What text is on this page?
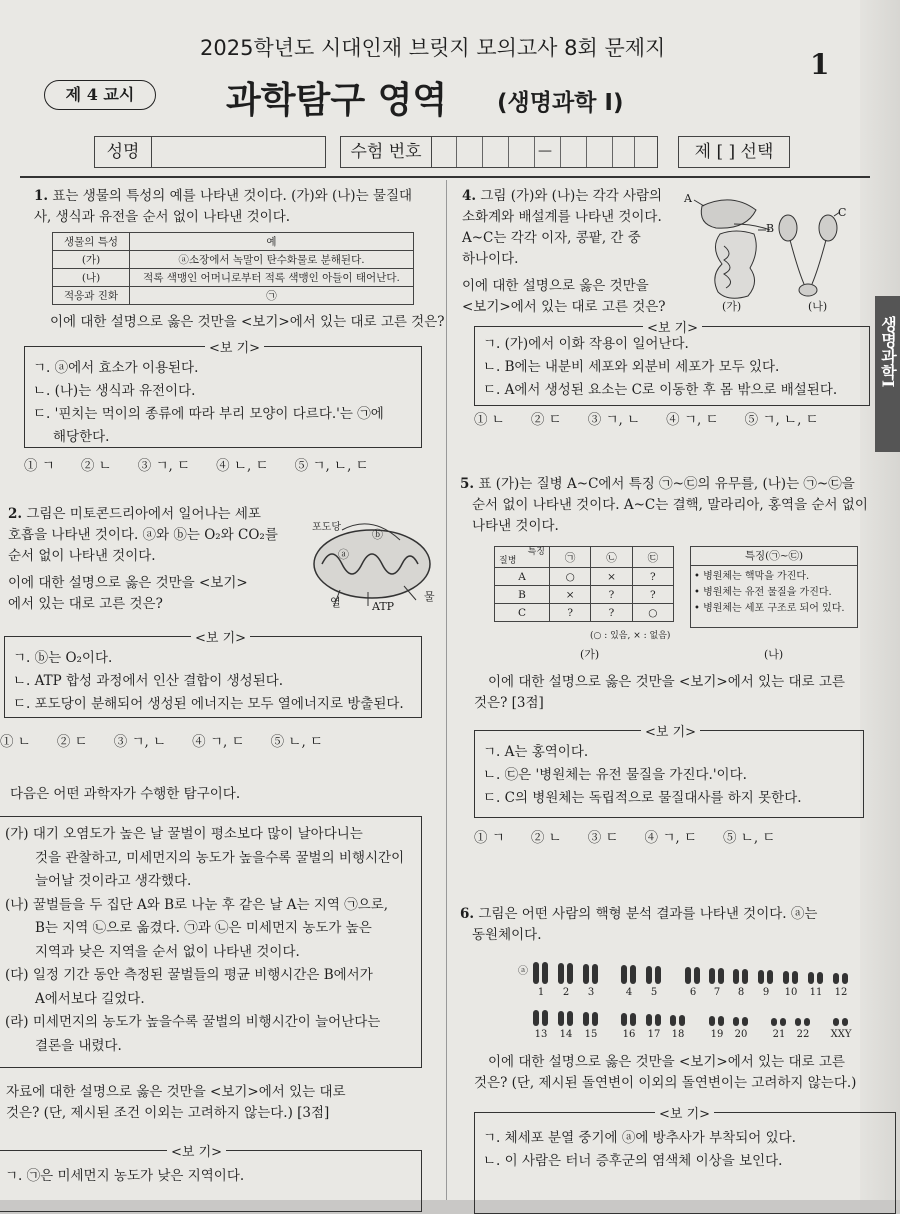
2025학년도 시대인재 브릿지 모의고사 8회 문제지	1
제 4 교시	과학탐구 영역 (생명과학 I)
성명	수험 번호	—	제 [ ] 선택
생명과학I
1. 표는 생물의 특성의 예를 나타낸 것이다. (가)와 (나)는 물질대사, 생식과 유전을 순서 없이 나타낸 것이다.
생물의 특성	예
(가)	ⓐ소장에서 녹말이 탄수화물로 분해된다.
(나)	적록 색맹인 어머니로부터 적록 색맹인 아들이 태어난다.
적응과 진화	㉠
이에 대한 설명으로 옳은 것만을 <보기>에서 있는 대로 고른 것은?
<보 기>
ㄱ. ⓐ에서 효소가 이용된다.
ㄴ. (나)는 생식과 유전이다.
ㄷ. '핀치는 먹이의 종류에 따라 부리 모양이 다르다.'는 ㉠에
해당한다.
① ㄱ ② ㄴ ③ ㄱ, ㄷ ④ ㄴ, ㄷ ⑤ ㄱ, ㄴ, ㄷ
2. 그림은 미토콘드리아에서 일어나는 세포
호흡을 나타낸 것이다. ⓐ와 ⓑ는 O₂와 CO₂를
순서 없이 나타낸 것이다.
이에 대한 설명으로 옳은 것만을 <보기>
에서 있는 대로 고른 것은?
포도당
ⓐ
ⓑ
열	ATP
물
<보 기>
ㄱ. ⓑ는 O₂이다.
ㄴ. ATP 합성 과정에서 인산 결합이 생성된다.
ㄷ. 포도당이 분해되어 생성된 에너지는 모두 열에너지로 방출된다.
① ㄴ ② ㄷ ③ ㄱ, ㄴ ④ ㄱ, ㄷ ⑤ ㄴ, ㄷ
다음은 어떤 과학자가 수행한 탐구이다.
(가) 대기 오염도가 높은 날 꿀벌이 평소보다 많이 날아다니는
것을 관찰하고, 미세먼지의 농도가 높을수록 꿀벌의 비행시간이
늘어날 것이라고 생각했다.
(나) 꿀벌들을 두 집단 A와 B로 나눈 후 같은 날 A는 지역 ㉠으로,
B는 지역 ㉡으로 옮겼다. ㉠과 ㉡은 미세먼지 농도가 높은
지역과 낮은 지역을 순서 없이 나타낸 것이다.
(다) 일정 기간 동안 측정된 꿀벌들의 평균 비행시간은 B에서가
A에서보다 길었다.
(라) 미세먼지의 농도가 높을수록 꿀벌의 비행시간이 늘어난다는
결론을 내렸다.
자료에 대한 설명으로 옳은 것만을 <보기>에서 있는 대로
것은? (단, 제시된 조건 이외는 고려하지 않는다.) [3점]
<보 기>
ㄱ. ㉠은 미세먼지 농도가 낮은 지역이다.
4. 그림 (가)와 (나)는 각각 사람의
소화계와 배설계를 나타낸 것이다.
A~C는 각각 이자, 콩팥, 간 중
하나이다.
이에 대한 설명으로 옳은 것만을
<보기>에서 있는 대로 고른 것은?
A
B
C
(가)	(나)
<보 기>
ㄱ. (가)에서 이화 작용이 일어난다.
ㄴ. B에는 내분비 세포와 외분비 세포가 모두 있다.
ㄷ. A에서 생성된 요소는 C로 이동한 후 몸 밖으로 배설된다.
① ㄴ ② ㄷ ③ ㄱ, ㄴ ④ ㄱ, ㄷ ⑤ ㄱ, ㄴ, ㄷ
5. 표 (가)는 질병 A~C에서 특징 ㉠~㉢의 유무를, (나)는 ㉠~㉢을
순서 없이 나타낸 것이다. A~C는 결핵, 말라리아, 홍역을 순서 없이
나타낸 것이다.
특징
질병	㉠	㉡	㉢
A	○	×	?
B	×	?	?
C	?	?	○
(○ : 있음, × : 없음)
(가)
특징(㉠~㉢)
• 병원체는 핵막을 가진다.
• 병원체는 유전 물질을 가진다.
• 병원체는 세포 구조로 되어 있다.
(나)
이에 대한 설명으로 옳은 것만을 <보기>에서 있는 대로 고른
것은? [3점]
<보 기>
ㄱ. A는 홍역이다.
ㄴ. ㉢은 '병원체는 유전 물질을 가진다.'이다.
ㄷ. C의 병원체는 독립적으로 물질대사를 하지 못한다.
① ㄱ ② ㄴ ③ ㄷ ④ ㄱ, ㄷ ⑤ ㄴ, ㄷ
6. 그림은 어떤 사람의 핵형 분석 결과를 나타낸 것이다. ⓐ는
동원체이다.
ⓐ
1	2	3	4	5	6	7	8	9	10	11	12
13	14	15	16	17	18	19	20	21	22	XXY
이에 대한 설명으로 옳은 것만을 <보기>에서 있는 대로 고른
것은? (단, 제시된 돌연변이 이외의 돌연변이는 고려하지 않는다.)
<보 기>
ㄱ. 체세포 분열 중기에 ⓐ에 방추사가 부착되어 있다.
ㄴ. 이 사람은 터너 증후군의 염색체 이상을 보인다.
